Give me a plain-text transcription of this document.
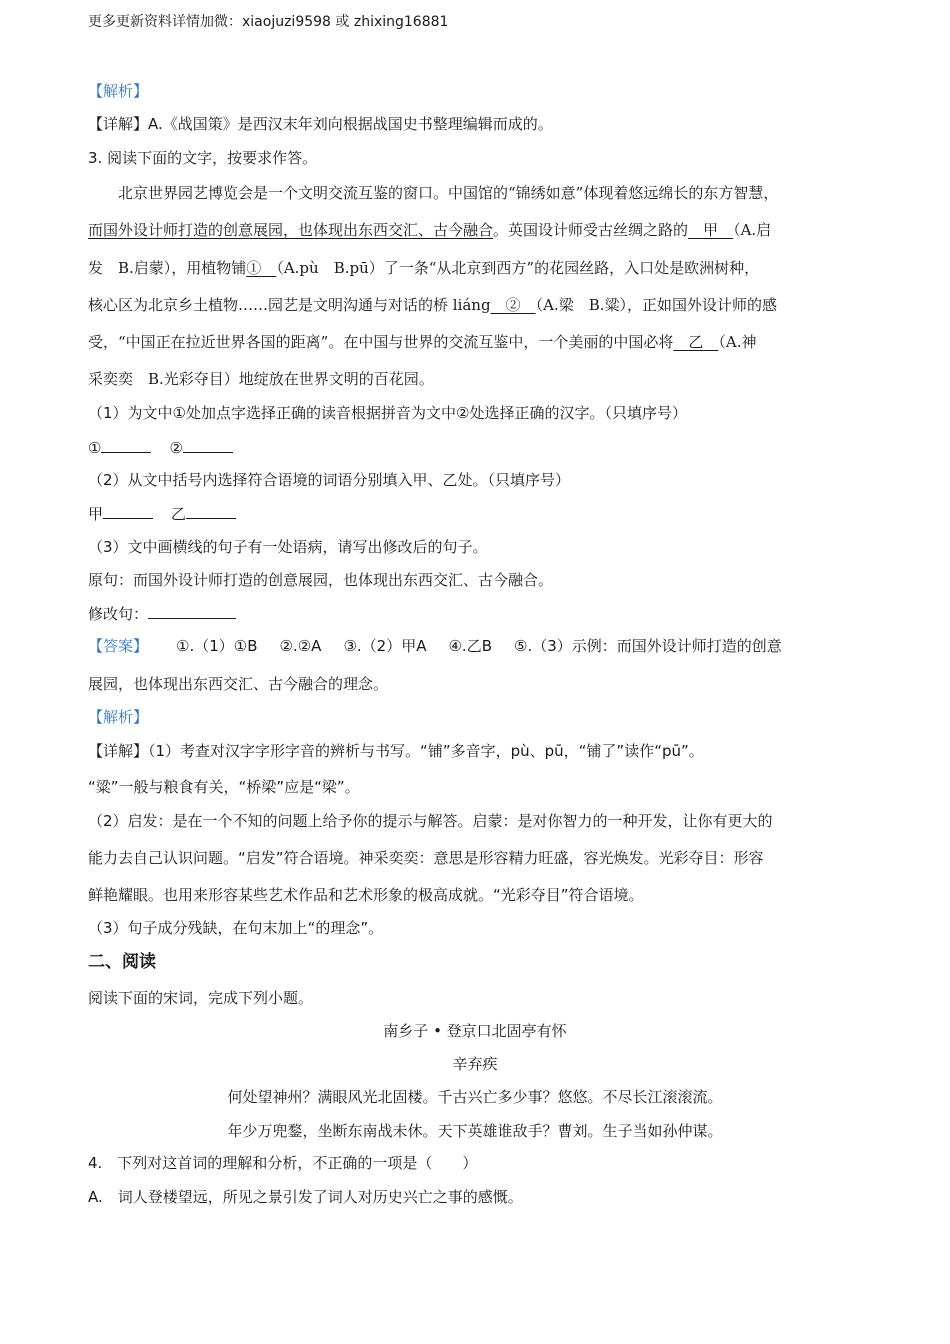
更多更新资料详情加微：xiaojuzi9598 或 zhixing16881
【解析】
【详解】A.《战国策》是西汉末年刘向根据战国史书整理编辑而成的。
3. 阅读下面的文字，按要求作答。
北京世界园艺博览会是一个文明交流互鉴的窗口。中国馆的“锦绣如意”体现着悠远绵长的东方智慧，
而国外设计师打造的创意展园，也体现出东西交汇、古今融合。英国设计师受古丝绸之路的　 甲　 （A.启
发　B.启蒙），用植物铺①　 （A.pù　B.pū）了一条“从北京到西方”的花园丝路，入口处是欧洲树种，
核心区为北京乡土植物……园艺是文明沟通与对话的桥 liáng　 ②　 （A.梁　B.粱），正如国外设计师的感
受，“中国正在拉近世界各国的距离”。在中国与世界的交流互鉴中，一个美丽的中国必将　 乙　 （A.神
采奕奕　B.光彩夺目）地绽放在世界文明的百花园。
（1）为文中①处加点字选择正确的读音根据拼音为文中②处选择正确的汉字。（只填序号）
①	②
（2）从文中括号内选择符合语境的词语分别填入甲、乙处。（只填序号）
甲	乙
（3）文中画横线的句子有一处语病，请写出修改后的句子。
原句：而国外设计师打造的创意展园，也体现出东西交汇、古今融合。
修改句：
【答案】 ①.（1）①B ②.②A ③.（2）甲A ④.乙B ⑤.（3）示例：而国外设计师打造的创意
展园，也体现出东西交汇、古今融合的理念。
【解析】
【详解】（1）考查对汉字字形字音的辨析与书写。“铺”多音字，pù、pū，“铺了”读作“pū”。
“粱”一般与粮食有关，“桥梁”应是“梁”。
（2）启发：是在一个不知的问题上给予你的提示与解答。启蒙：是对你智力的一种开发，让你有更大的
能力去自己认识问题。“启发”符合语境。神采奕奕：意思是形容精力旺盛，容光焕发。光彩夺目：形容
鲜艳耀眼。也用来形容某些艺术作品和艺术形象的极高成就。“光彩夺目”符合语境。
（3）句子成分残缺，在句末加上“的理念”。
二、阅读
阅读下面的宋词，完成下列小题。
南乡子 • 登京口北固亭有怀
辛弃疾
何处望神州？满眼风光北固楼。千古兴亡多少事？悠悠。不尽长江滚滚流。
年少万兜鍪，坐断东南战未休。天下英雄谁敌手？曹刘。生子当如孙仲谋。
4.　下列对这首词的理解和分析，不正确的一项是（　　）
A.　词人登楼望远，所见之景引发了词人对历史兴亡之事的感慨。
